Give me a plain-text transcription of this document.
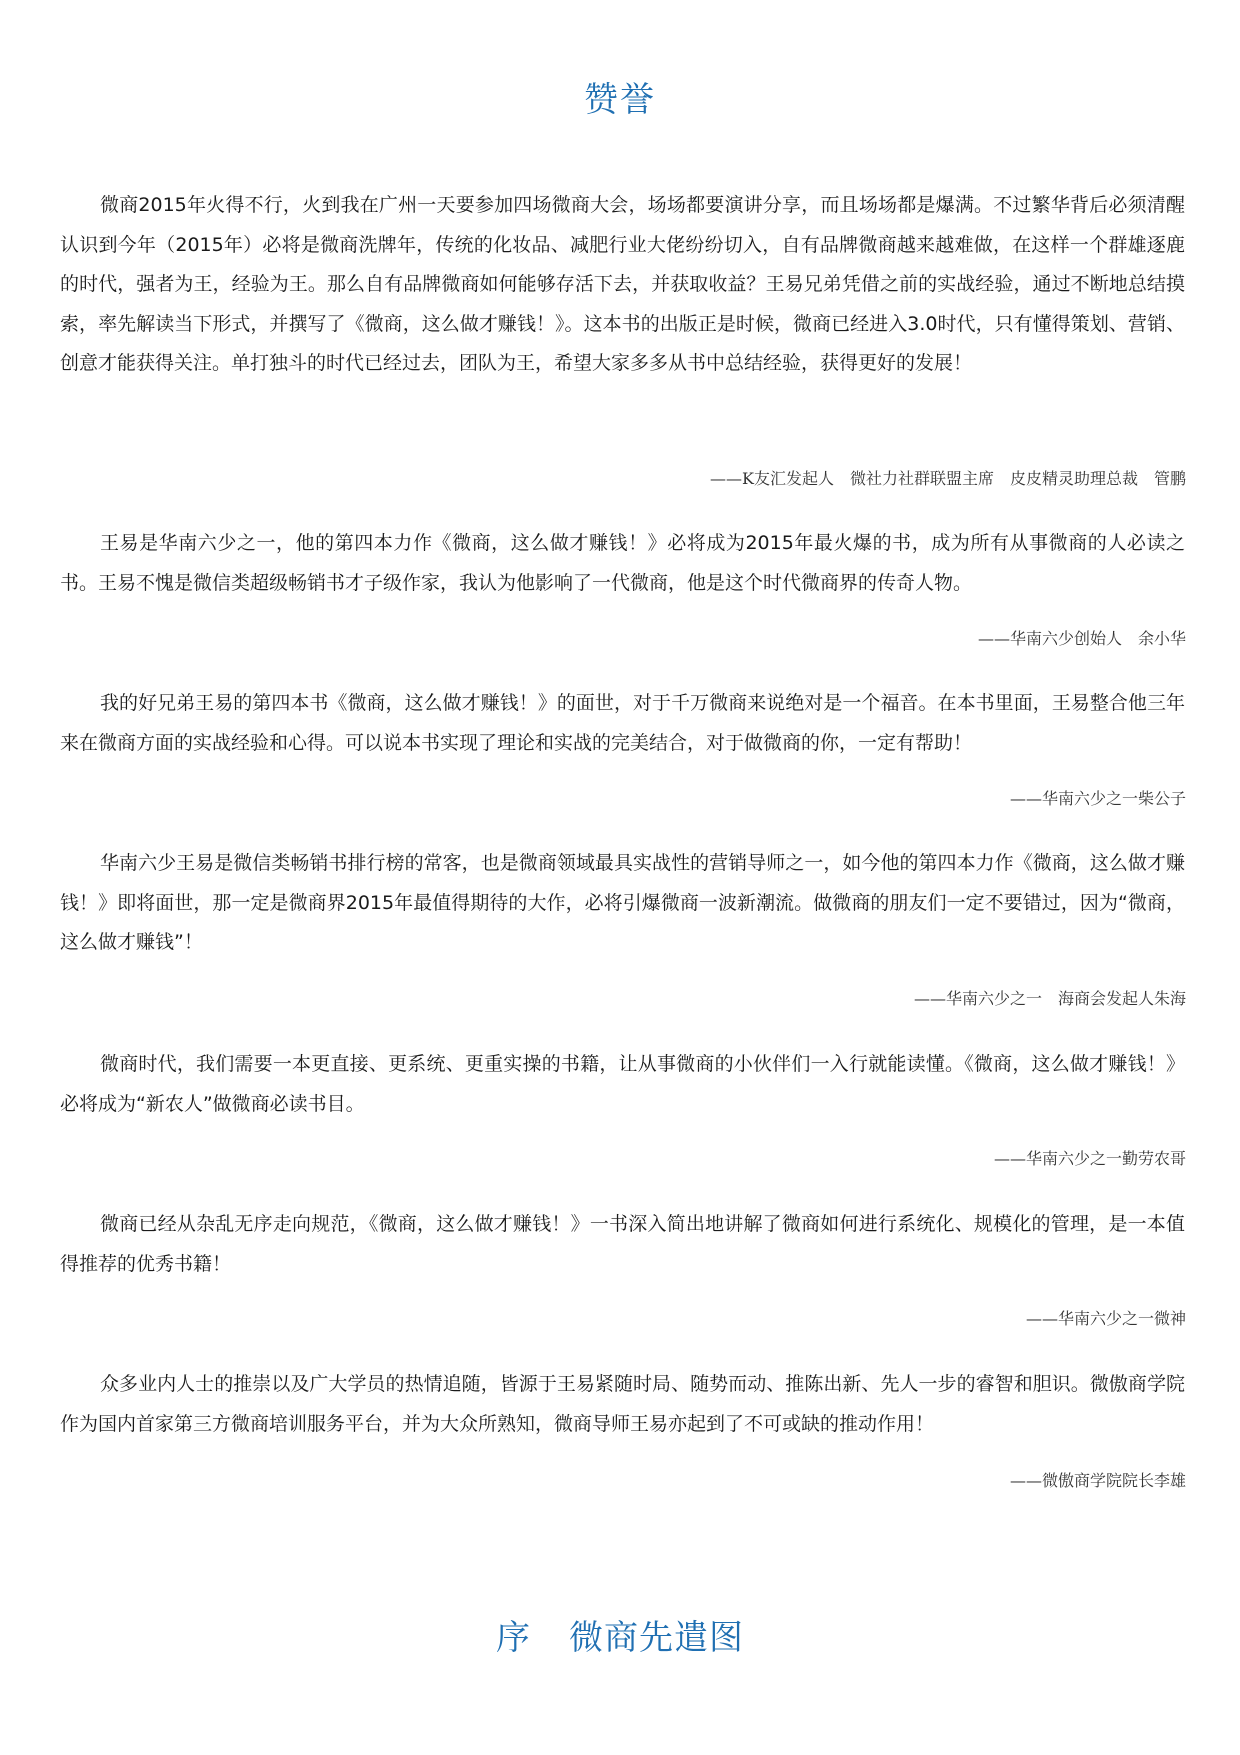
赞誉

微商2015年火得不行，火到我在广州一天要参加四场微商大会，场场都要演讲分享，而且场场都是爆满。不过繁华背后必须清醒认识到今年（2015年）必将是微商洗牌年，传统的化妆品、减肥行业大佬纷纷切入，自有品牌微商越来越难做，在这样一个群雄逐鹿的时代，强者为王，经验为王。那么自有品牌微商如何能够存活下去，并获取收益？王易兄弟凭借之前的实战经验，通过不断地总结摸索，率先解读当下形式，并撰写了《微商，这么做才赚钱！》。这本书的出版正是时候，微商已经进入3.0时代，只有懂得策划、营销、创意才能获得关注。单打独斗的时代已经过去，团队为王，希望大家多多从书中总结经验，获得更好的发展！

——K友汇发起人　微社力社群联盟主席　皮皮精灵助理总裁　管鹏

王易是华南六少之一，他的第四本力作《微商，这么做才赚钱！》必将成为2015年最火爆的书，成为所有从事微商的人必读之书。王易不愧是微信类超级畅销书才子级作家，我认为他影响了一代微商，他是这个时代微商界的传奇人物。

——华南六少创始人　余小华

我的好兄弟王易的第四本书《微商，这么做才赚钱！》的面世，对于千万微商来说绝对是一个福音。在本书里面，王易整合他三年来在微商方面的实战经验和心得。可以说本书实现了理论和实战的完美结合，对于做微商的你，一定有帮助！

——华南六少之一柴公子

华南六少王易是微信类畅销书排行榜的常客，也是微商领域最具实战性的营销导师之一，如今他的第四本力作《微商，这么做才赚钱！》即将面世，那一定是微商界2015年最值得期待的大作，必将引爆微商一波新潮流。做微商的朋友们一定不要错过，因为“微商，这么做才赚钱”！

——华南六少之一　海商会发起人朱海

微商时代，我们需要一本更直接、更系统、更重实操的书籍，让从事微商的小伙伴们一入行就能读懂。《微商，这么做才赚钱！》必将成为“新农人”做微商必读书目。

——华南六少之一勤劳农哥

微商已经从杂乱无序走向规范，《微商，这么做才赚钱！》一书深入简出地讲解了微商如何进行系统化、规模化的管理，是一本值得推荐的优秀书籍！

——华南六少之一微神

众多业内人士的推崇以及广大学员的热情追随，皆源于王易紧随时局、随势而动、推陈出新、先人一步的睿智和胆识。微傲商学院作为国内首家第三方微商培训服务平台，并为大众所熟知，微商导师王易亦起到了不可或缺的推动作用！

——微傲商学院院长李雄

序 微商先遣图
